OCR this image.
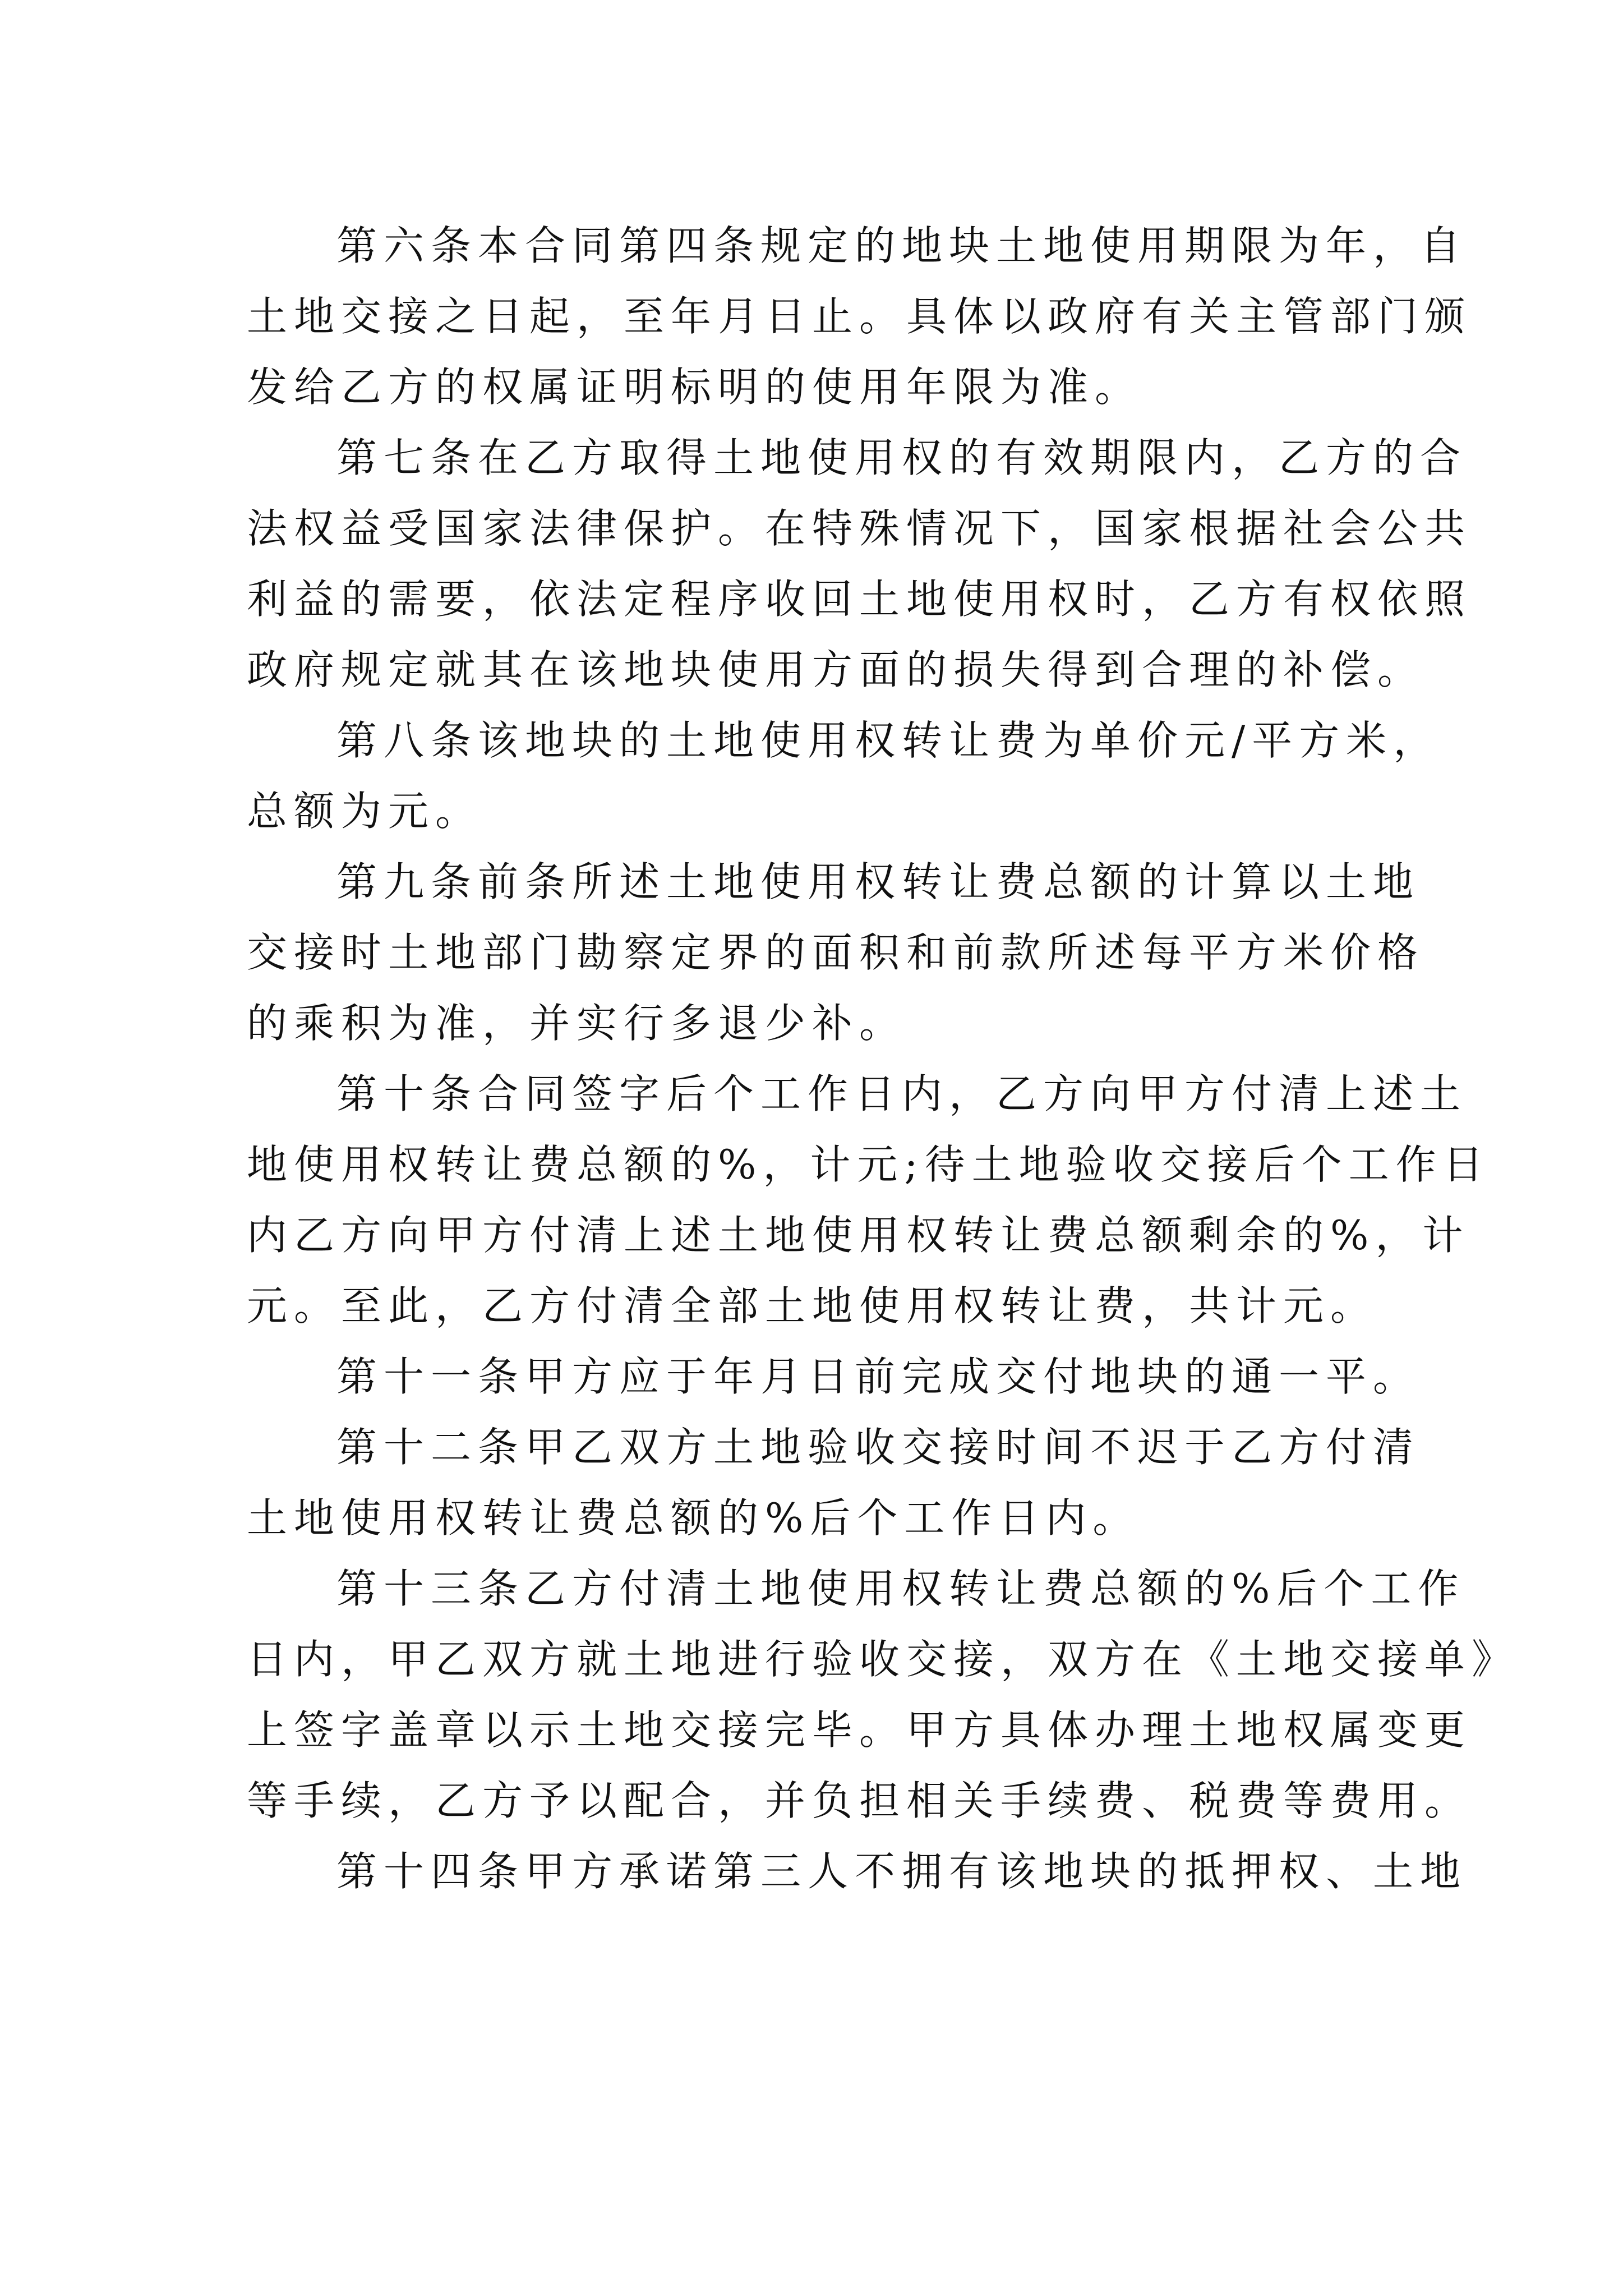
第六条本合同第四条规定的地块土地使用期限为年，自
土地交接之日起，至年月日止。具体以政府有关主管部门颁
发给乙方的权属证明标明的使用年限为准。
第七条在乙方取得土地使用权的有效期限内，乙方的合
法权益受国家法律保护。在特殊情况下，国家根据社会公共
利益的需要，依法定程序收回土地使用权时，乙方有权依照
政府规定就其在该地块使用方面的损失得到合理的补偿。
第八条该地块的土地使用权转让费为单价元/平方米，
总额为元。
第九条前条所述土地使用权转让费总额的计算以土地
交接时土地部门勘察定界的面积和前款所述每平方米价格
的乘积为准，并实行多退少补。
第十条合同签字后个工作日内，乙方向甲方付清上述土
地使用权转让费总额的%，计元;待土地验收交接后个工作日
内乙方向甲方付清上述土地使用权转让费总额剩余的%，计
元。至此，乙方付清全部土地使用权转让费，共计元。
第十一条甲方应于年月日前完成交付地块的通一平。
第十二条甲乙双方土地验收交接时间不迟于乙方付清
土地使用权转让费总额的%后个工作日内。
第十三条乙方付清土地使用权转让费总额的%后个工作
日内，甲乙双方就土地进行验收交接，双方在《土地交接单》
上签字盖章以示土地交接完毕。甲方具体办理土地权属变更
等手续，乙方予以配合，并负担相关手续费、税费等费用。
第十四条甲方承诺第三人不拥有该地块的抵押权、土地
